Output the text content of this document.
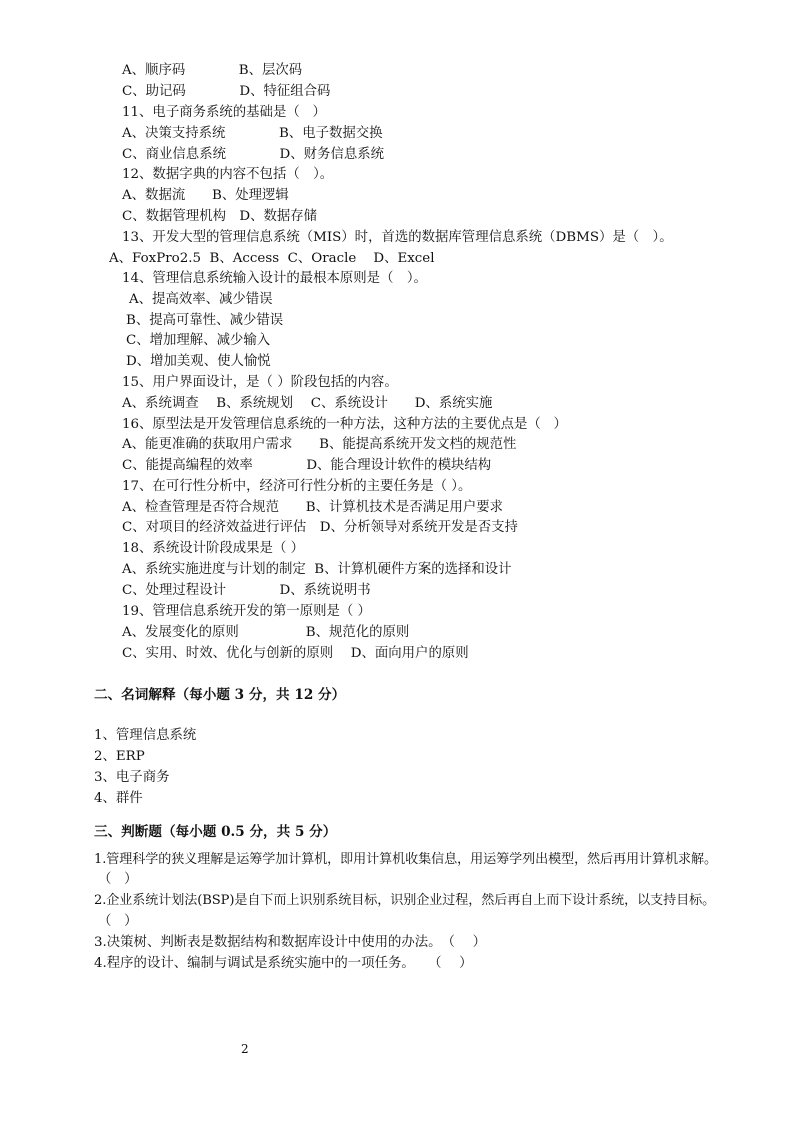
A、顺序码　　　　B、层次码
C、助记码　　　　D、特征组合码
11、电子商务系统的基础是（   ）
A、决策支持系统　　　　B、电子数据交换
C、商业信息系统　　　　D、财务信息系统
12、数据字典的内容不包括（　）。
A、数据流　　B、处理逻辑
C、数据管理机构　D、数据存储
13、开发大型的管理信息系统（MIS）时，首选的数据库管理信息系统（DBMS）是（　）。
A、FoxPro2.5  B、Access  C、Oracle    D、Excel
14、管理信息系统输入设计的最根本原则是（　）。
A、提高效率、减少错误
B、提高可靠性、减少错误
C、增加理解、减少输入
D、增加美观、使人愉悦
15、用户界面设计，是（ ）阶段包括的内容。
A、系统调查　 B、系统规划　 C、系统设计　　D、系统实施
16、原型法是开发管理信息系统的一种方法，这种方法的主要优点是（   ）
A、能更准确的获取用户需求　　B、能提高系统开发文档的规范性
C、能提高编程的效率　　　　D、能合理设计软件的模块结构
17、在可行性分析中，经济可行性分析的主要任务是（ ）。
A、检查管理是否符合规范　　B、计算机技术是否满足用户要求
C、对项目的经济效益进行评估　D、分析领导对系统开发是否支持
18、系统设计阶段成果是（ ）
A、系统实施进度与计划的制定  B、计算机硬件方案的选择和设计
C、处理过程设计　　　　D、系统说明书
19、管理信息系统开发的第一原则是（ ）
A、发展变化的原则　　　　　B、规范化的原则
C、实用、时效、优化与创新的原则　 D、面向用户的原则
二、名词解释（每小题 3 分，共 12 分）
1、管理信息系统
2、ERP
3、电子商务
4、群件
三、判断题（每小题 0.5 分，共 5 分）
1.管理科学的狭义理解是运筹学加计算机，即用计算机收集信息，用运筹学列出模型，然后再用计算机求解。
（   ）
2.企业系统计划法(BSP)是自下而上识别系统目标，识别企业过程，然后再自上而下设计系统，以支持目标。
（   ）
3.决策树、判断表是数据结构和数据库设计中使用的办法。　（　 ）
4.程序的设计、编制与调试是系统实施中的一项任务。　　（　 ）
2
